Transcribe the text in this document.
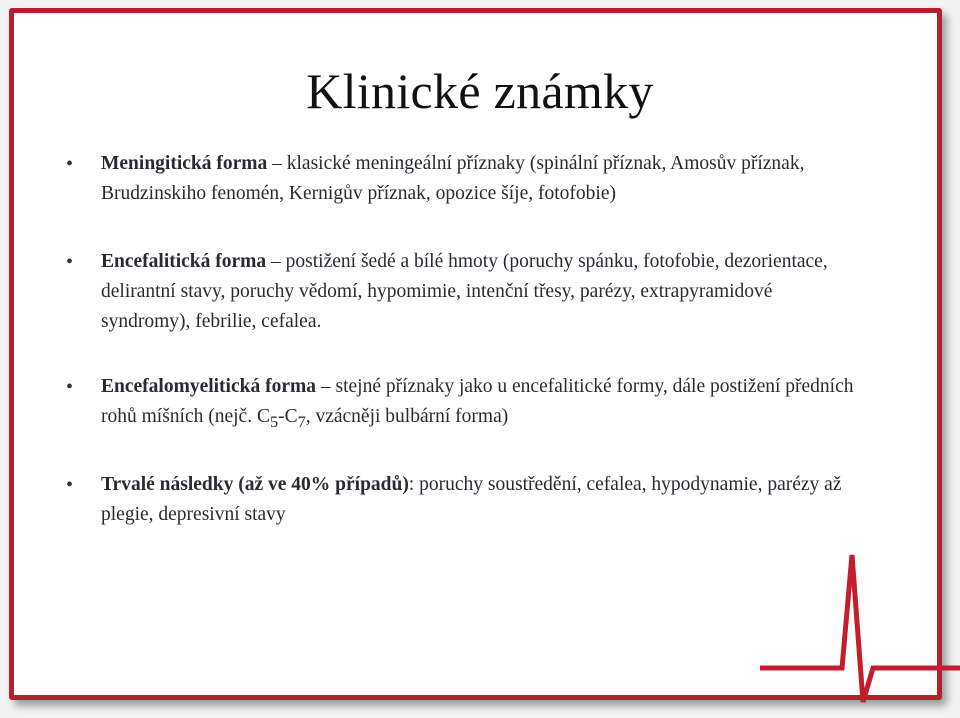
Klinické známky
• Meningitická forma – klasické meningeální příznaky (spinální příznak, Amosův příznak, Brudzinskiho fenomén, Kernigův příznak, opozice šíje, fotofobie)
• Encefalitická forma – postižení šedé a bílé hmoty (poruchy spánku, fotofobie, dezorientace, delirantní stavy, poruchy vědomí, hypomimie, intenční třesy, parézy, extrapyramidové syndromy), febrilie, cefalea.
• Encefalomyelitická forma – stejné příznaky jako u encefalitické formy, dále postižení předních rohů míšních (nejč. $C_5-C_7$, vzácněji bulbární forma)
• Trvalé následky (až ve 40% případů): poruchy soustředění, cefalea, hypodynamie, parézy až plegie, depresivní stavy
